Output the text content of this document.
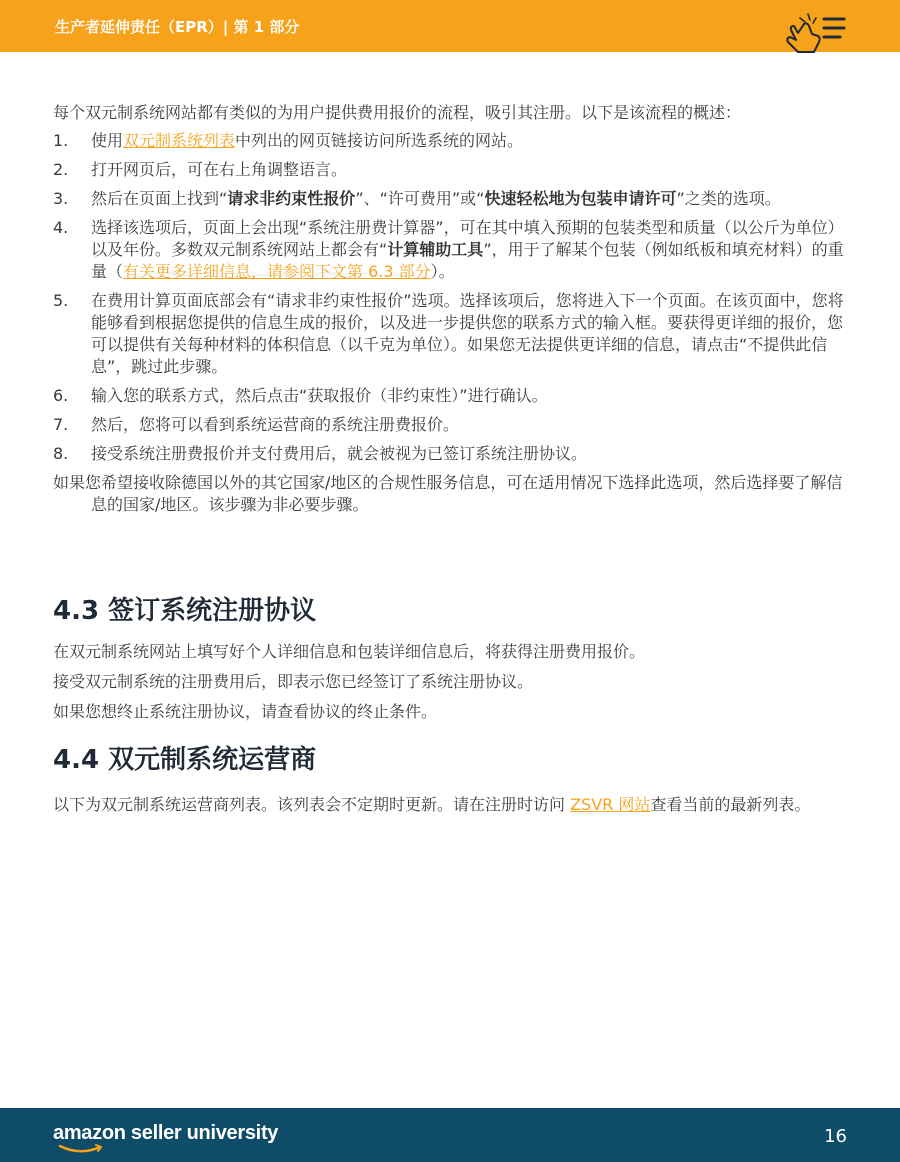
生产者延伸责任（EPR）| 第 1 部分

每个双元制系统网站都有类似的为用户提供费用报价的流程，吸引其注册。以下是该流程的概述：

1. 使用双元制系统列表中列出的网页链接访问所选系统的网站。
2. 打开网页后，可在右上角调整语言。
3. 然后在页面上找到“请求非约束性报价”、“许可费用”或“快速轻松地为包装申请许可”之类的选项。
4. 选择该选项后，页面上会出现“系统注册费计算器”，可在其中填入预期的包装类型和质量（以公斤为单位）以及年份。多数双元制系统网站上都会有“计算辅助工具”，用于了解某个包装（例如纸板和填充材料）的重量（有关更多详细信息，请参阅下文第 6.3 部分）。
5. 在费用计算页面底部会有“请求非约束性报价”选项。选择该项后，您将进入下一个页面。在该页面中，您将能够看到根据您提供的信息生成的报价，以及进一步提供您的联系方式的输入框。要获得更详细的报价，您可以提供有关每种材料的体积信息（以千克为单位）。如果您无法提供更详细的信息，请点击“不提供此信息”，跳过此步骤。
6. 输入您的联系方式，然后点击“获取报价（非约束性）”进行确认。
7. 然后，您将可以看到系统运营商的系统注册费报价。
8. 接受系统注册费报价并支付费用后，就会被视为已签订系统注册协议。

如果您希望接收除德国以外的其它国家/地区的合规性服务信息，可在适用情况下选择此选项，然后选择要了解信息的国家/地区。该步骤为非必要步骤。

4.3 签订系统注册协议

在双元制系统网站上填写好个人详细信息和包装详细信息后，将获得注册费用报价。

接受双元制系统的注册费用后，即表示您已经签订了系统注册协议。

如果您想终止系统注册协议，请查看协议的终止条件。

4.4 双元制系统运营商

以下为双元制系统运营商列表。该列表会不定期时更新。请在注册时访问 ZSVR 网站查看当前的最新列表。

amazon seller university	16
